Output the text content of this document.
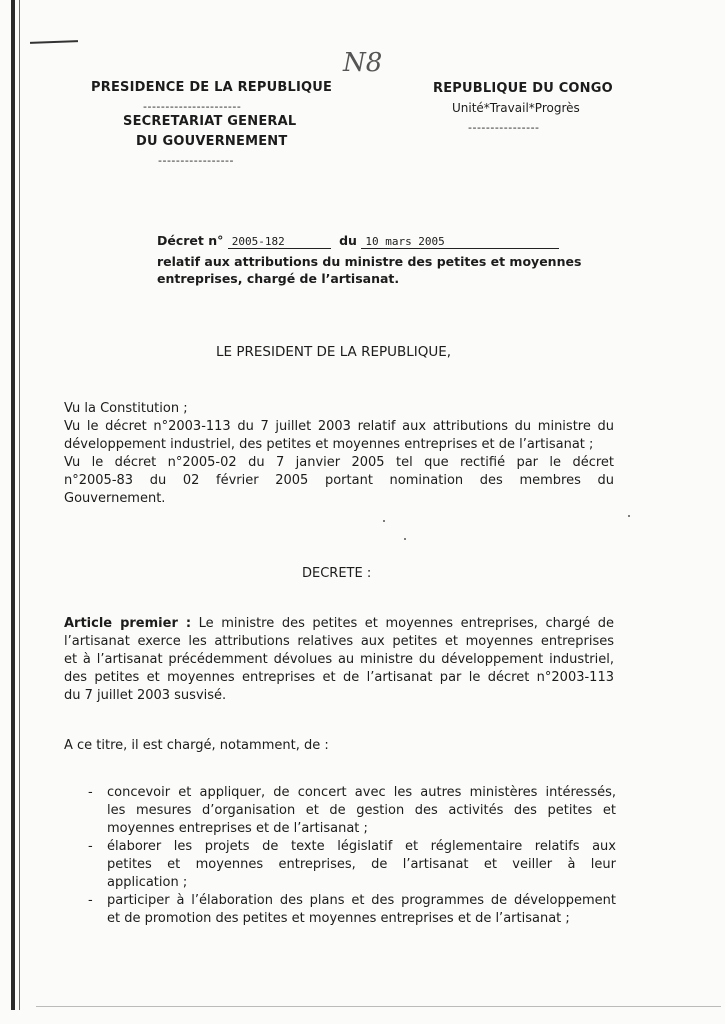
PRESIDENCE DE LA REPUBLIQUE
----------------------
SECRETARIAT GENERAL
DU GOUVERNEMENT
-----------------
N8
REPUBLIQUE DU CONGO
Unité*Travail*Progrès
----------------
Décret n° 2005-182	du 10 mars 2005
relatif aux attributions du ministre des petites et moyennes
entreprises, chargé de l’artisanat.
LE PRESIDENT DE LA REPUBLIQUE,
Vu la Constitution ;
Vu le décret n°2003-113 du 7 juillet 2003 relatif aux attributions du ministre du
développement industriel, des petites et moyennes entreprises et de l’artisanat ;
Vu le décret n°2005-02 du 7 janvier 2005 tel que rectifié par le décret
n°2005-83 du 02 février 2005 portant nomination des membres du
Gouvernement.
DECRETE :
Article premier : Le ministre des petites et moyennes entreprises, chargé de
l’artisanat exerce les attributions relatives aux petites et moyennes entreprises
et à l’artisanat précédemment dévolues au ministre du développement industriel,
des petites et moyennes entreprises et de l’artisanat par le décret n°2003-113
du 7 juillet 2003 susvisé.
A ce titre, il est chargé, notamment, de :
- concevoir et appliquer, de concert avec les autres ministères intéressés,
les mesures d’organisation et de gestion des activités des petites et
moyennes entreprises et de l’artisanat ;
- élaborer les projets de texte législatif et réglementaire relatifs aux
petites et moyennes entreprises, de l’artisanat et veiller à leur
application ;
- participer à l’élaboration des plans et des programmes de développement
et de promotion des petites et moyennes entreprises et de l’artisanat ;
